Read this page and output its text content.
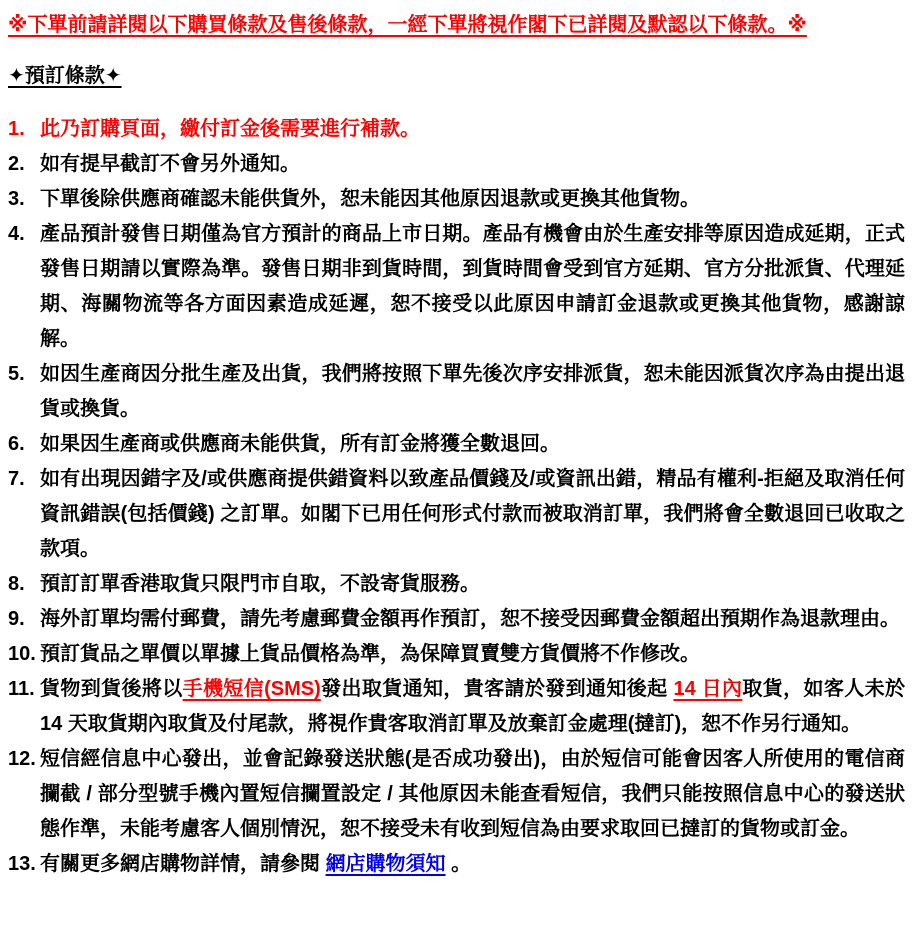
※下單前請詳閱以下購買條款及售後條款，一經下單將視作閣下已詳閱及默認以下條款。※

✦預訂條款✦

1. 此乃訂購頁面，繳付訂金後需要進行補款。
2. 如有提早截訂不會另外通知。
3. 下單後除供應商確認未能供貨外，恕未能因其他原因退款或更換其他貨物。
4. 產品預計發售日期僅為官方預計的商品上市日期。產品有機會由於生產安排等原因造成延期，正式發售日期請以實際為準。發售日期非到貨時間，到貨時間會受到官方延期、官方分批派貨、代理延期、海關物流等各方面因素造成延遲，恕不接受以此原因申請訂金退款或更換其他貨物，感謝諒解。
5. 如因生產商因分批生產及出貨，我們將按照下單先後次序安排派貨，恕未能因派貨次序為由提出退貨或換貨。
6. 如果因生產商或供應商未能供貨，所有訂金將獲全數退回。
7. 如有出現因錯字及/或供應商提供錯資料以致產品價錢及/或資訊出錯，精品有權利-拒絕及取消任何資訊錯誤(包括價錢) 之訂單。如閣下已用任何形式付款而被取消訂單，我們將會全數退回已收取之款項。
8. 預訂訂單香港取貨只限門市自取，不設寄貨服務。
9. 海外訂單均需付郵費，請先考慮郵費金額再作預訂，恕不接受因郵費金額超出預期作為退款理由。
10. 預訂貨品之單價以單據上貨品價格為準，為保障買賣雙方貨價將不作修改。
11. 貨物到貨後將以手機短信(SMS)發出取貨通知，貴客請於發到通知後起 14 日內取貨，如客人未於 14 天取貨期內取貨及付尾款，將視作貴客取消訂單及放棄訂金處理(撻訂)，恕不作另行通知。
12. 短信經信息中心發出，並會記錄發送狀態(是否成功發出)，由於短信可能會因客人所使用的電信商攔截 / 部分型號手機內置短信攔置設定 / 其他原因未能查看短信，我們只能按照信息中心的發送狀態作準，未能考慮客人個別情況，恕不接受未有收到短信為由要求取回已撻訂的貨物或訂金。
13. 有關更多網店購物詳情，請參閱 網店購物須知 。
